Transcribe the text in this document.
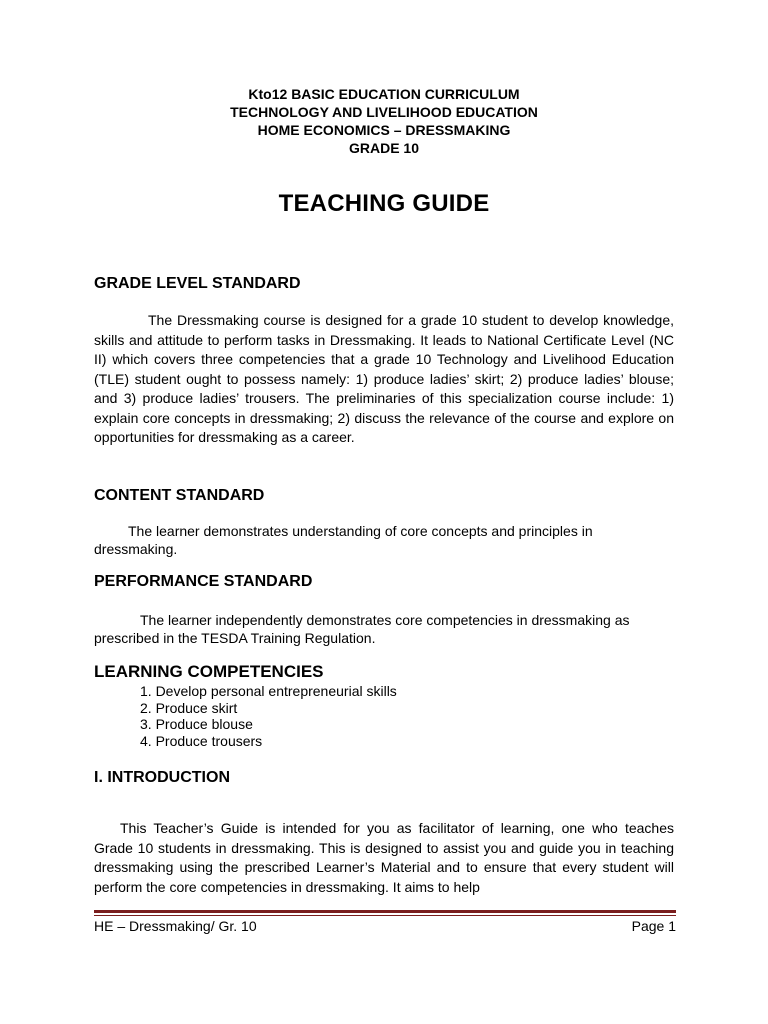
Kto12 BASIC EDUCATION CURRICULUM
TECHNOLOGY AND LIVELIHOOD EDUCATION
HOME ECONOMICS – DRESSMAKING
GRADE 10
TEACHING GUIDE
GRADE LEVEL STANDARD
The Dressmaking course is designed for a grade 10 student to develop knowledge, skills and attitude to perform tasks in Dressmaking. It leads to National Certificate Level (NC II) which covers three competencies that a grade 10 Technology and Livelihood Education (TLE) student ought to possess namely: 1) produce ladies’ skirt; 2) produce ladies’ blouse; and 3) produce ladies’ trousers. The preliminaries of this specialization course include: 1) explain core concepts in dressmaking; 2) discuss the relevance of the course and explore on opportunities for dressmaking as a career.
CONTENT STANDARD
The learner demonstrates understanding of core concepts and principles in dressmaking.
PERFORMANCE STANDARD
The learner independently demonstrates core competencies in dressmaking as prescribed in the TESDA Training Regulation.
LEARNING COMPETENCIES
1. Develop personal entrepreneurial skills
2. Produce skirt
3. Produce blouse
4. Produce trousers
I. INTRODUCTION
This Teacher’s Guide is intended for you as facilitator of learning, one who teaches Grade 10 students in dressmaking. This is designed to assist you and guide you in teaching dressmaking using the prescribed Learner’s Material and to ensure that every student will perform the core competencies in dressmaking. It aims to help
HE – Dressmaking/ Gr. 10	Page 1
